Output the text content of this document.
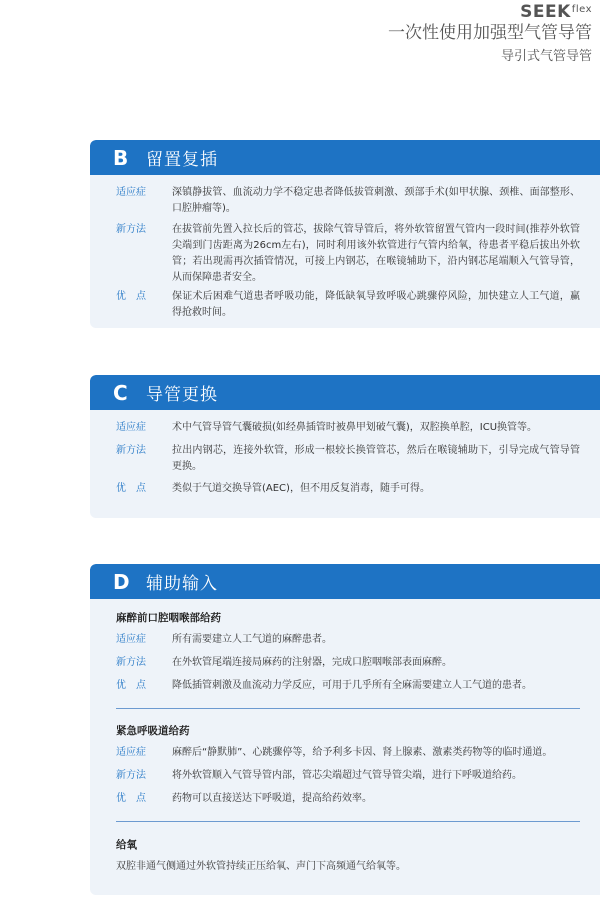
$SEEK^{flex}$
一次性使用加强型气管导管
导引式气管导管
B	留置复插
适应症	深镇静拔管、血流动力学不稳定患者降低拔管刺激、颈部手术(如甲状腺、颈椎、面部整形、口腔肿瘤等)。
新方法	在拔管前先置入拉长后的管芯，拔除气管导管后，将外软管留置气管内一段时间(推荐外软管尖端到门齿距离为26cm左右)，同时利用该外软管进行气管内给氧，待患者平稳后拔出外软管；若出现需再次插管情况，可接上内钢芯，在喉镜辅助下，沿内钢芯尾端顺入气管导管，从而保障患者安全。
优　点	保证术后困难气道患者呼吸功能，降低缺氧导致呼吸心跳骤停风险，加快建立人工气道，赢得抢救时间。
C	导管更换
适应症	术中气管导管气囊破损(如经鼻插管时被鼻甲划破气囊)，双腔换单腔，ICU换管等。
新方法	拉出内钢芯，连接外软管，形成一根较长换管管芯，然后在喉镜辅助下，引导完成气管导管更换。
优　点	类似于气道交换导管(AEC)，但不用反复消毒，随手可得。
D 辅助输入
麻醉前口腔咽喉部给药
适应症	所有需要建立人工气道的麻醉患者。
新方法	在外软管尾端连接局麻药的注射器，完成口腔咽喉部表面麻醉。
优　点	降低插管刺激及血流动力学反应，可用于几乎所有全麻需要建立人工气道的患者。
紧急呼吸道给药
适应症	麻醉后“静默肺”、心跳骤停等，给予利多卡因、肾上腺素、激素类药物等的临时通道。
新方法	将外软管顺入气管导管内部，管芯尖端超过气管导管尖端，进行下呼吸道给药。
优　点	药物可以直接送达下呼吸道，提高给药效率。
给氧
双腔非通气侧通过外软管持续正压给氧、声门下高频通气给氧等。
